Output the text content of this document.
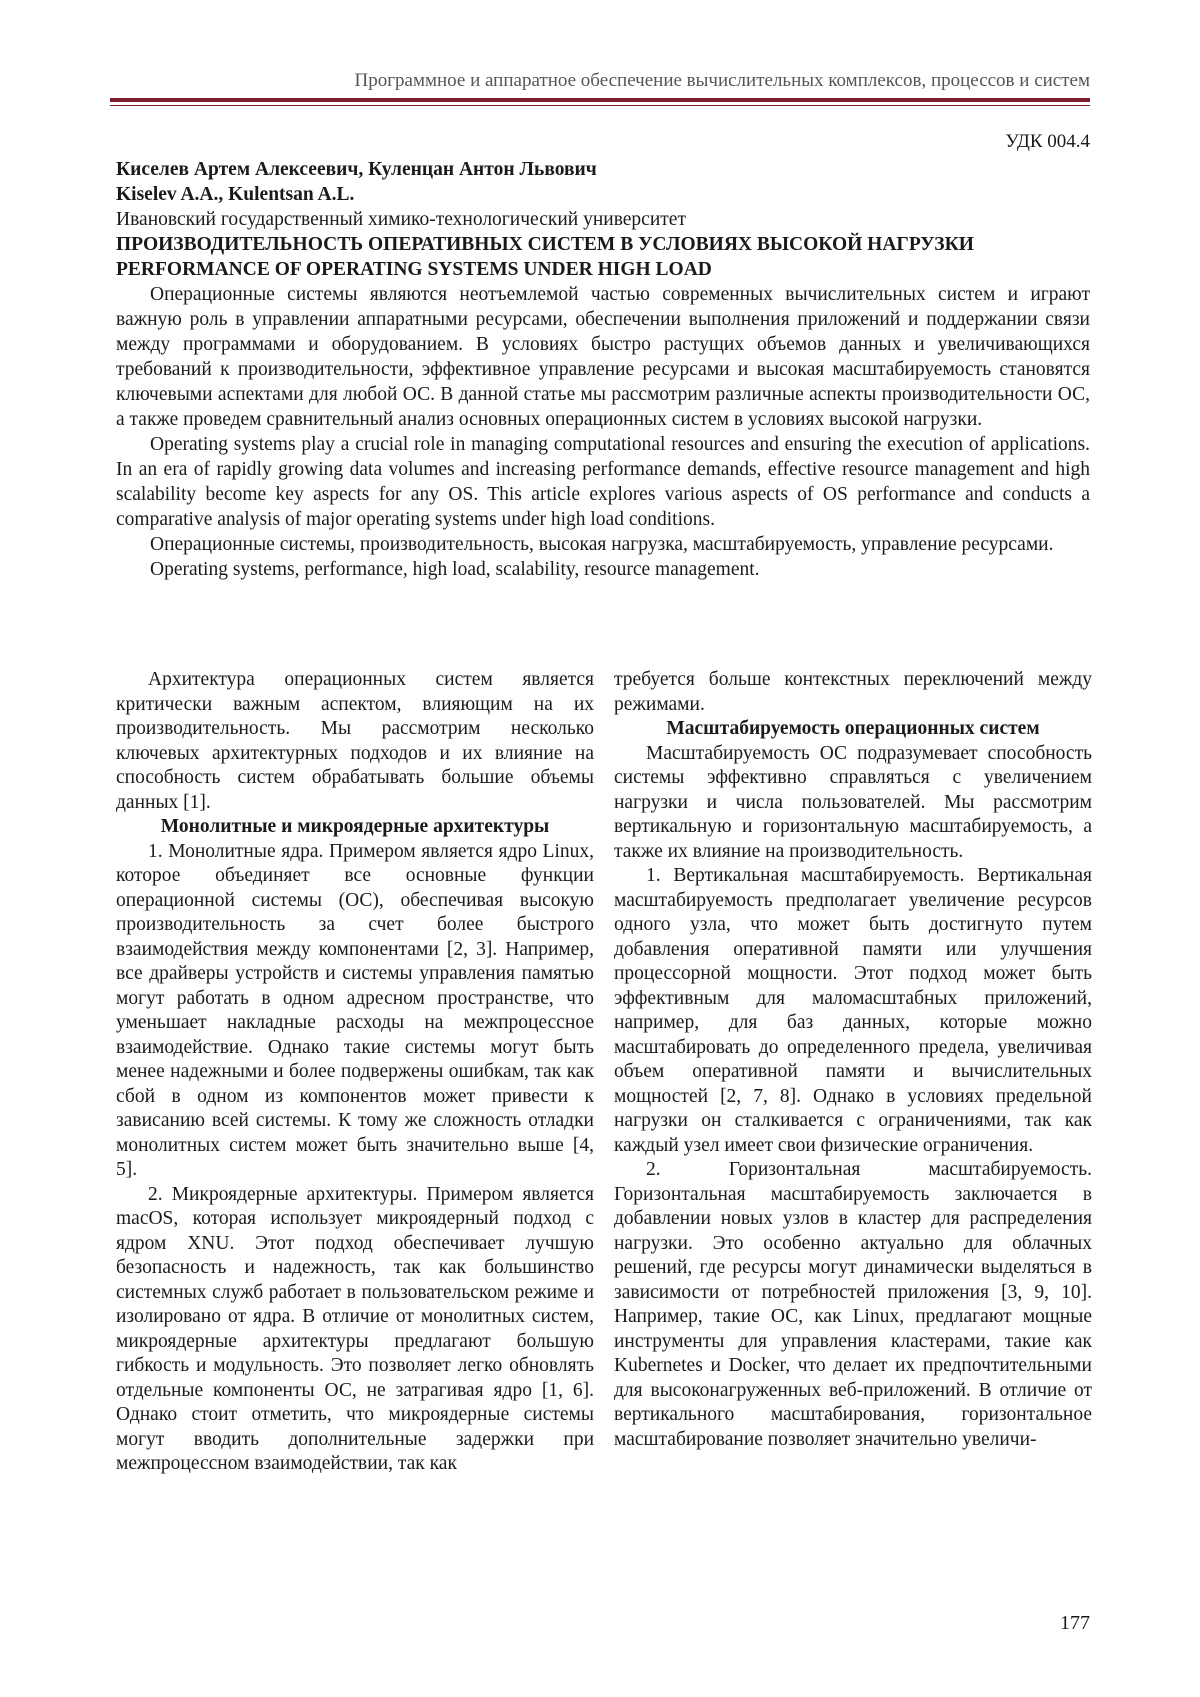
Программное и аппаратное обеспечение вычислительных комплексов, процессов и систем
УДК 004.4

Киселев Артем Алексеевич, Куленцан Антон Львович

Kiselev A.A., Kulentsan A.L.

Ивановский государственный химико-технологический университет

ПРОИЗВОДИТЕЛЬНОСТЬ ОПЕРАТИВНЫХ СИСТЕМ В УСЛОВИЯХ ВЫСОКОЙ НАГРУЗКИ

PERFORMANCE OF OPERATING SYSTEMS UNDER HIGH LOAD

Операционные системы являются неотъемлемой частью современных вычислительных систем и играют важную роль в управлении аппаратными ресурсами, обеспечении выполнения приложений и поддержании связи между программами и оборудованием. В условиях быстро растущих объемов данных и увеличивающихся требований к производительности, эффективное управление ресурсами и высокая масштабируемость становятся ключевыми аспектами для любой ОС. В данной статье мы рассмотрим различные аспекты производительности ОС, а также проведем сравнительный анализ основных операционных систем в условиях высокой нагрузки.

Operating systems play a crucial role in managing computational resources and ensuring the execution of applications. In an era of rapidly growing data volumes and increasing performance demands, effective resource management and high scalability become key aspects for any OS. This article explores various aspects of OS performance and conducts a comparative analysis of major operating systems under high load conditions.

Операционные системы, производительность, высокая нагрузка, масштабируемость, управление ресурсами.

Operating systems, performance, high load, scalability, resource management.

Архитектура операционных систем является критически важным аспектом, влияющим на их производительность. Мы рассмотрим несколько ключевых архитектурных подходов и их влияние на способность систем обрабатывать большие объемы данных [1].

Монолитные и микроядерные архитектуры

1. Монолитные ядра. Примером является ядро Linux, которое объединяет все основные функции операционной системы (ОС), обеспечивая высокую производительность за счет более быстрого взаимодействия между компонентами [2, 3]. Например, все драйверы устройств и системы управления памятью могут работать в одном адресном пространстве, что уменьшает накладные расходы на межпроцессное взаимодействие. Однако такие системы могут быть менее надежными и более подвержены ошибкам, так как сбой в одном из компонентов может привести к зависанию всей системы. К тому же сложность отладки монолитных систем может быть значительно выше [4, 5].

2. Микроядерные архитектуры. Примером является macOS, которая использует микроядерный подход с ядром XNU. Этот подход обеспечивает лучшую безопасность и надежность, так как большинство системных служб работает в пользовательском режиме и изолировано от ядра. В отличие от монолитных систем, микроядерные архитектуры предлагают большую гибкость и модульность. Это позволяет легко обновлять отдельные компоненты ОС, не затрагивая ядро [1, 6]. Однако стоит отметить, что микроядерные системы могут вводить дополнительные задержки при межпроцессном взаимодействии, так как

требуется больше контекстных переключений между режимами.

Масштабируемость операционных систем

Масштабируемость ОС подразумевает способность системы эффективно справляться с увеличением нагрузки и числа пользователей. Мы рассмотрим вертикальную и горизонтальную масштабируемость, а также их влияние на производительность.

1. Вертикальная масштабируемость. Вертикальная масштабируемость предполагает увеличение ресурсов одного узла, что может быть достигнуто путем добавления оперативной памяти или улучшения процессорной мощности. Этот подход может быть эффективным для маломасштабных приложений, например, для баз данных, которые можно масштабировать до определенного предела, увеличивая объем оперативной памяти и вычислительных мощностей [2, 7, 8]. Однако в условиях предельной нагрузки он сталкивается с ограничениями, так как каждый узел имеет свои физические ограничения.

2. Горизонтальная масштабируемость. Горизонтальная масштабируемость заключается в добавлении новых узлов в кластер для распределения нагрузки. Это особенно актуально для облачных решений, где ресурсы могут динамически выделяться в зависимости от потребностей приложения [3, 9, 10]. Например, такие ОС, как Linux, предлагают мощные инструменты для управления кластерами, такие как Kubernetes и Docker, что делает их предпочтительными для высоконагруженных веб-приложений. В отличие от вертикального масштабирования, горизонтальное масштабирование позволяет значительно увеличи-

177
